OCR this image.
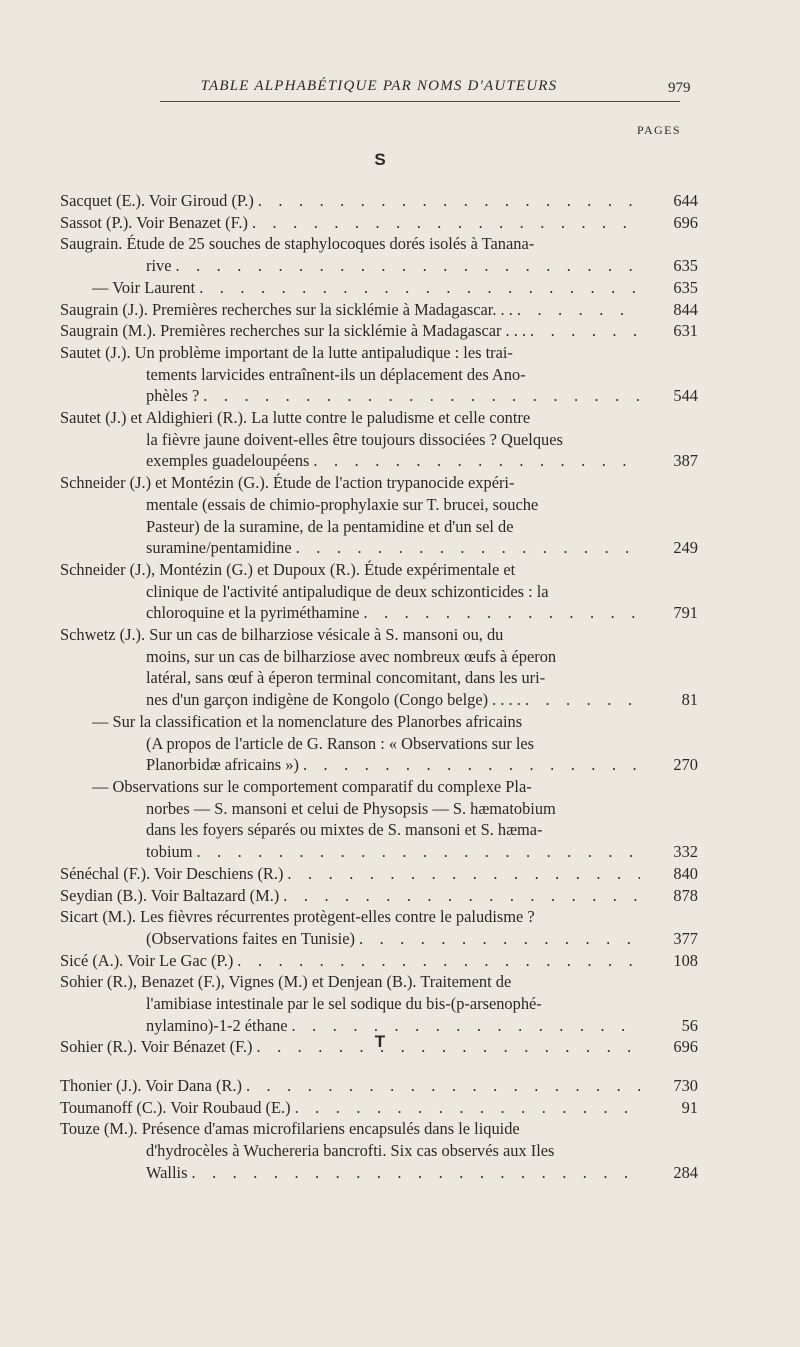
TABLE ALPHABÉTIQUE PAR NOMS D'AUTEURS	979
PAGES
S
Sacquet (E.). Voir Giroud (P.) . . .	644
Sassot (P.). Voir Benazet (F.) . . .	696
Saugrain. Étude de 25 souches de staphylocoques dorés isolés à Tanana-
rive . . .	635
— Voir Laurent . . .	635
Saugrain (J.). Premières recherches sur la sicklémie à Madagascar. . . . . .	844
Saugrain (M.). Premières recherches sur la sicklémie à Madagascar . . . . . .	631
Sautet (J.). Un problème important de la lutte antipaludique : les trai-
tements larvicides entraînent-ils un déplacement des Ano-
phèles ? . . .	544
Sautet (J.) et Aldighieri (R.). La lutte contre le paludisme et celle contre
la fièvre jaune doivent-elles être toujours dissociées ? Quelques
exemples guadeloupéens . . .	387
Schneider (J.) et Montézin (G.). Étude de l'action trypanocide expéri-
mentale (essais de chimio-prophylaxie sur T. brucei, souche
Pasteur) de la suramine, de la pentamidine et d'un sel de
suramine/pentamidine . . .	249
Schneider (J.), Montézin (G.) et Dupoux (R.). Étude expérimentale et
clinique de l'activité antipaludique de deux schizonticides : la
chloroquine et la pyriméthamine . . .	791
Schwetz (J.). Sur un cas de bilharziose vésicale à S. mansoni ou, du
moins, sur un cas de bilharziose avec nombreux œufs à éperon
latéral, sans œuf à éperon terminal concomitant, dans les uri-
nes d'un garçon indigène de Kongolo (Congo belge) . . . . . . .	81
— Sur la classification et la nomenclature des Planorbes africains
(A propos de l'article de G. Ranson : « Observations sur les
Planorbidæ africains ») . . .	270
— Observations sur le comportement comparatif du complexe Pla-
norbes — S. mansoni et celui de Physopsis — S. hæmatobium
dans les foyers séparés ou mixtes de S. mansoni et S. hæma-
tobium . . .	332
Sénéchal (F.). Voir Deschiens (R.) . . .	840
Seydian (B.). Voir Baltazard (M.) . . .	878
Sicart (M.). Les fièvres récurrentes protègent-elles contre le paludisme ?
(Observations faites en Tunisie) . . .	377
Sicé (A.). Voir Le Gac (P.) . . .	108
Sohier (R.), Benazet (F.), Vignes (M.) et Denjean (B.). Traitement de
l'amibiase intestinale par le sel sodique du bis-(p-arsenophé-
nylamino)-1-2 éthane . . .	56
Sohier (R.). Voir Bénazet (F.) . . .	696
T
Thonier (J.). Voir Dana (R.) . . .	730
Toumanoff (C.). Voir Roubaud (E.) . . .	91
Touze (M.). Présence d'amas microfilariens encapsulés dans le liquide
d'hydrocèles à Wuchereria bancrofti. Six cas observés aux Iles
Wallis . . .	284
